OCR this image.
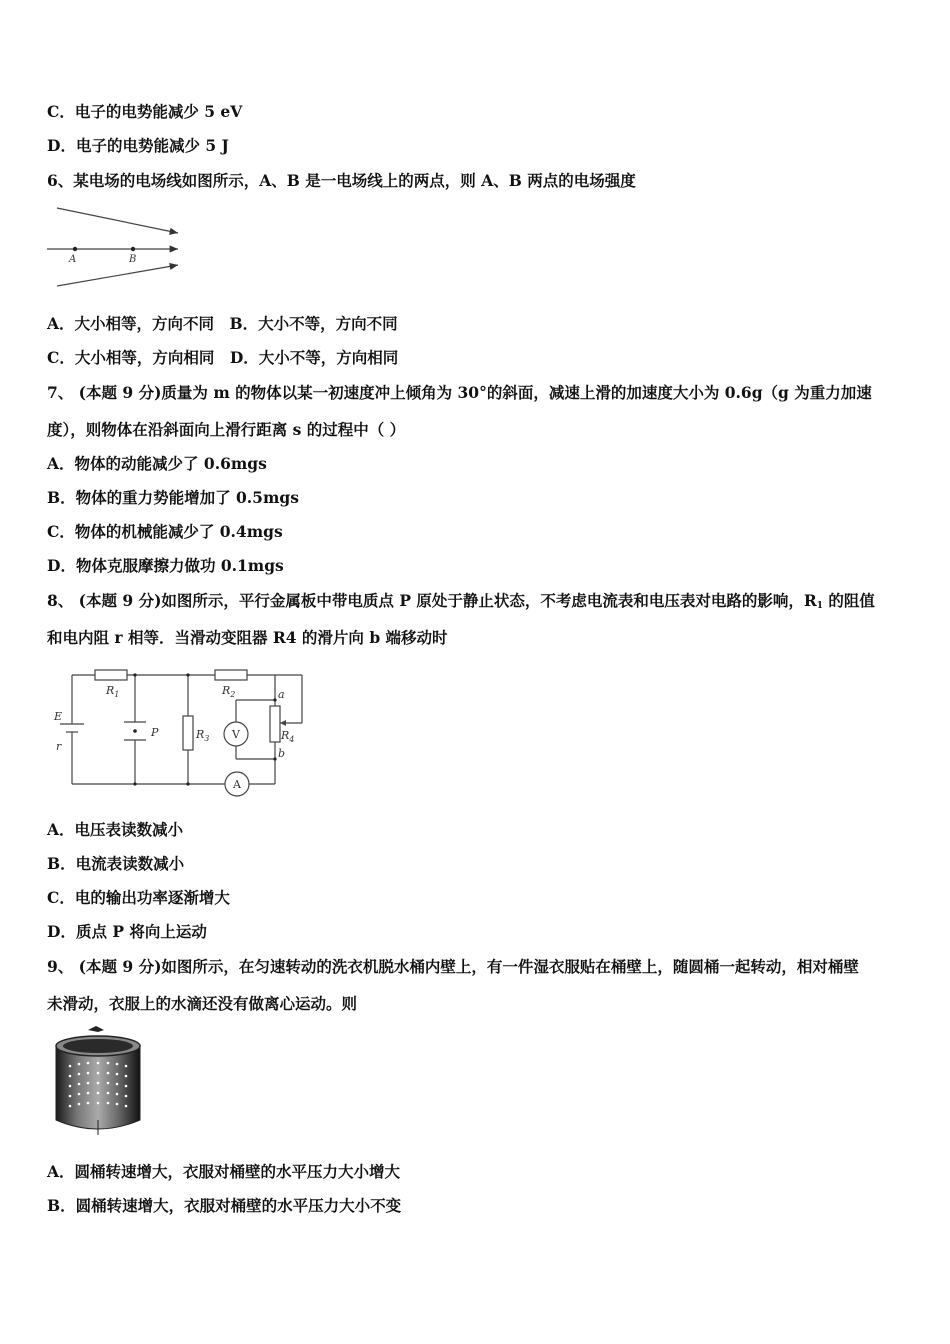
C．电子的电势能减少 5 eV
D．电子的电势能减少 5 J
6、某电场的电场线如图所示，A、B 是一电场线上的两点，则 A、B 两点的电场强度
A	B
A．大小相等，方向不同　B．大小不等，方向不同
C．大小相等，方向相同　D．大小不等，方向相同
7、 (本题 9 分)质量为 m 的物体以某一初速度冲上倾角为 30°的斜面，减速上滑的加速度大小为 0.6g（g 为重力加速
度），则物体在沿斜面向上滑行距离 s 的过程中（ ）
A．物体的动能减少了 0.6mgs
B．物体的重力势能增加了 0.5mgs
C．物体的机械能减少了 0.4mgs
D．物体克服摩擦力做功 0.1mgs
8、 (本题 9 分)如图所示，平行金属板中带电质点 P 原处于静止状态，不考虑电流表和电压表对电路的影响，$R_1$ 的阻值
和电内阻 r 相等．当滑动变阻器 R4 的滑片向 b 端移动时
E
r
$R_1$
P
$R_2$
$R_3$	$R_4$
a
b
V
A
A．电压表读数减小
B．电流表读数减小
C．电的输出功率逐渐增大
D．质点 P 将向上运动
9、 (本题 9 分)如图所示，在匀速转动的洗衣机脱水桶内壁上，有一件湿衣服贴在桶壁上，随圆桶一起转动，相对桶壁
未滑动，衣服上的水滴还没有做离心运动。则
A．圆桶转速增大，衣服对桶壁的水平压力大小增大
B．圆桶转速增大，衣服对桶壁的水平压力大小不变
